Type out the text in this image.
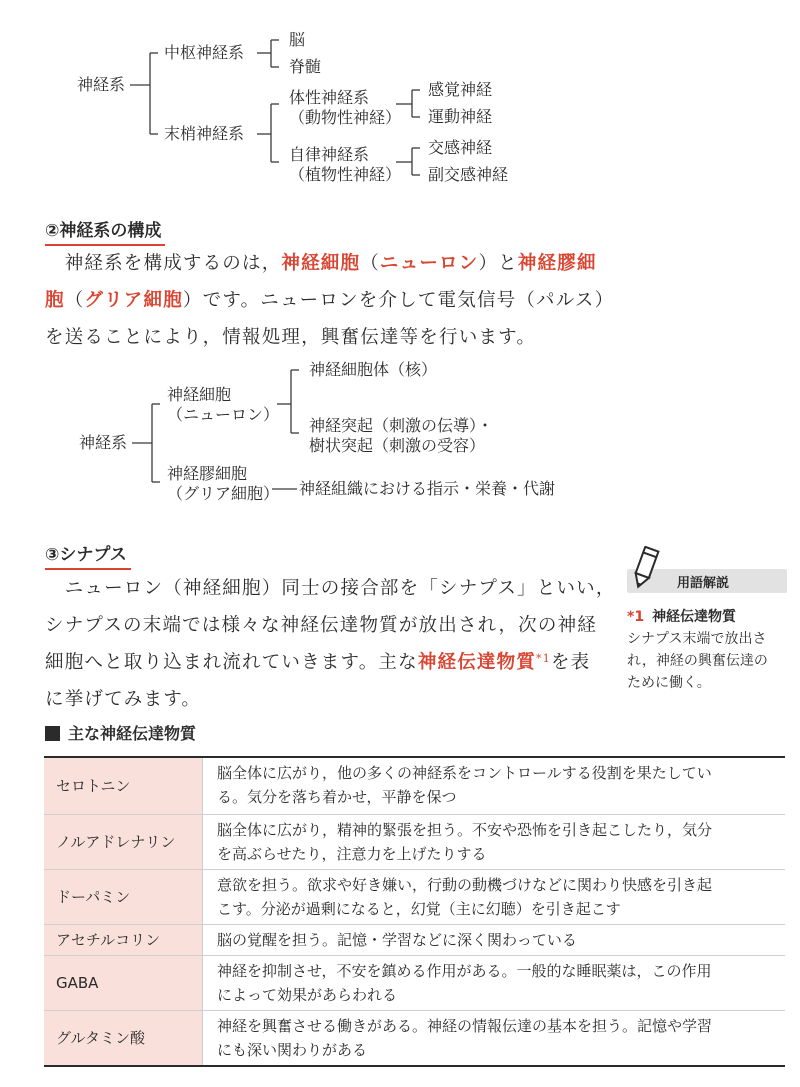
神経系
中枢神経系
脳
脊髄
末梢神経系
体性神経系
（動物性神経）
感覚神経
運動神経
自律神経系
（植物性神経）
交感神経
副交感神経
②神経系の構成
　神経系を構成するのは，神経細胞（ニューロン）と神経膠細
胞（グリア細胞）です。ニューロンを介して電気信号（パルス）
を送ることにより，情報処理，興奮伝達等を行います。
神経系
神経細胞
（ニューロン）
神経細胞体（核）
神経突起（刺激の伝導）・
樹状突起（刺激の受容）
神経膠細胞
（グリア細胞） 神経組織における指示・栄養・代謝
③シナプス
　ニューロン（神経細胞）同士の接合部を「シナプス」といい，
シナプスの末端では様々な神経伝達物質が放出され，次の神経
細胞へと取り込まれ流れていきます。主な神経伝達物質$^{*1}$を表
に挙げてみます。
用語解説
*1 神経伝達物質
シナプス末端で放出さ
れ，神経の興奮伝達の
ために働く。
主な神経伝達物質
セロトニン	脳全体に広がり，他の多くの神経系をコントロールする役割を果たしてい
る。気分を落ち着かせ，平静を保つ

ノルアドレナリン	脳全体に広がり，精神的緊張を担う。不安や恐怖を引き起こしたり，気分
を高ぶらせたり，注意力を上げたりする

ドーパミン	意欲を担う。欲求や好き嫌い，行動の動機づけなどに関わり快感を引き起
こす。分泌が過剰になると，幻覚（主に幻聴）を引き起こす

アセチルコリン	脳の覚醒を担う。記憶・学習などに深く関わっている

GABA	神経を抑制させ，不安を鎮める作用がある。一般的な睡眠薬は，この作用
によって効果があらわれる

グルタミン酸	神経を興奮させる働きがある。神経の情報伝達の基本を担う。記憶や学習
にも深い関わりがある
